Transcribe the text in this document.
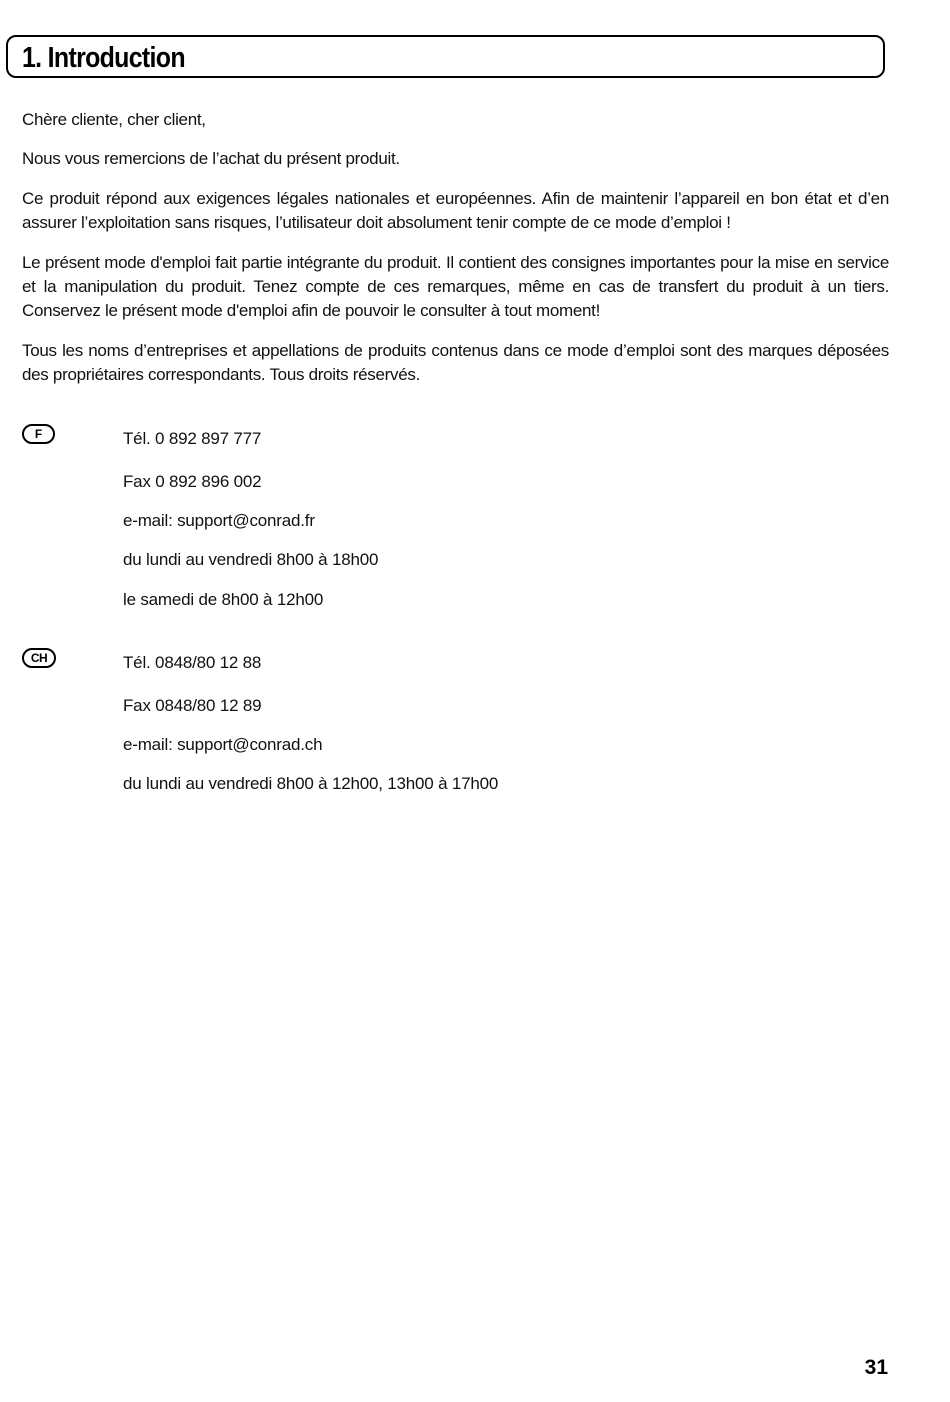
1. Introduction

Chère cliente, cher client,

Nous vous remercions de l’achat du présent produit.

Ce produit répond aux exigences légales nationales et européennes. Afin de maintenir l’appareil en bon état et d’en assurer l’exploitation sans risques, l’utilisateur doit absolument tenir compte de ce mode d’emploi !

Le présent mode d'emploi fait partie intégrante du produit. Il contient des consignes importantes pour la mise en service et la manipulation du produit. Tenez compte de ces remarques, même en cas de transfert du produit à un tiers. Conservez le présent mode d'emploi afin de pouvoir le consulter à tout moment!

Tous les noms d’entreprises et appellations de produits contenus dans ce mode d’emploi sont des marques déposées des propriétaires correspondants. Tous droits réservés.

F	Tél. 0 892 897 777
Fax 0 892 896 002
e-mail: support@conrad.fr
du lundi au vendredi 8h00 à 18h00
le samedi de 8h00 à 12h00
CH	Tél. 0848/80 12 88
Fax 0848/80 12 89
e-mail: support@conrad.ch
du lundi au vendredi 8h00 à 12h00, 13h00 à 17h00
31
